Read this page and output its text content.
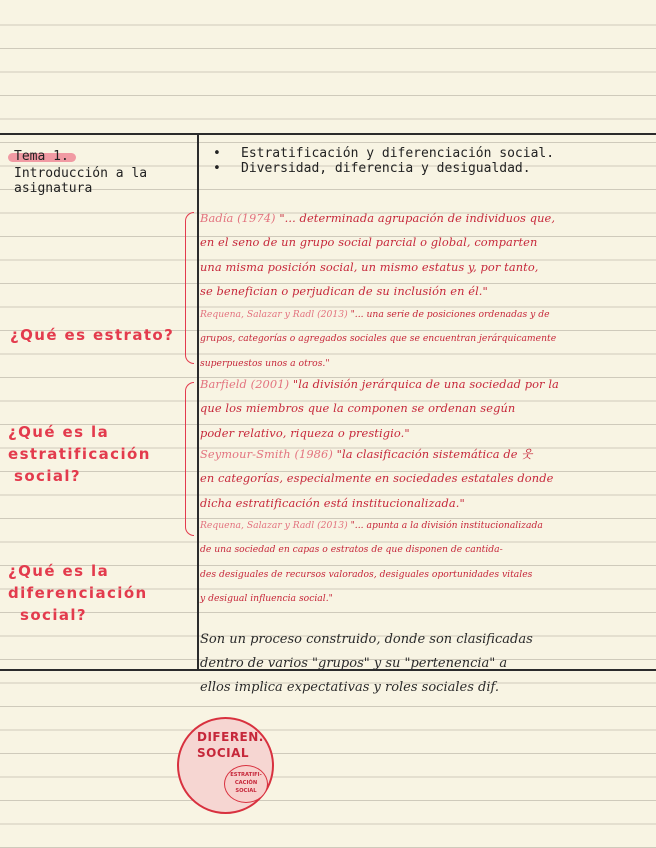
Tema 1.
Introducción a la asignatura
• Estratificación y diferenciación social.
• Diversidad, diferencia y desigualdad.
¿Qué es estrato?
¿Qué es la
estratificación
social?
¿Qué es la
diferenciación
social?
Badía (1974) "... determinada agrupación de individuos que,
en el seno de un grupo social parcial o global, comparten
una misma posición social, un mismo estatus y, por tanto,
se benefician o perjudican de su inclusión en él."
Requena, Salazar y Radl (2013) "... una serie de posiciones ordenadas y de
grupos, categorías o agregados sociales que se encuentran jerárquicamente
superpuestos unos a otros."
Barfield (2001) "la división jerárquica de una sociedad por la
que los miembros que la componen se ordenan según
poder relativo, riqueza o prestigio."
Seymour-Smith (1986) "la clasificación sistemática de 웃
en categorías, especialmente en sociedades estatales donde
dicha estratificación está institucionalizada."
Requena, Salazar y Radl (2013) "... apunta a la división institucionalizada
de una sociedad en capas o estratos de que disponen de cantida-
des desiguales de recursos valorados, desiguales oportunidades vitales
y desigual influencia social."
Son un proceso construido, donde son clasificadas
dentro de varios "grupos" y su "pertenencia" a
ellos implica expectativas y roles sociales dif.
DIFEREN.
SOCIAL
ESTRATIFI-
CACIÓN
SOCIAL
